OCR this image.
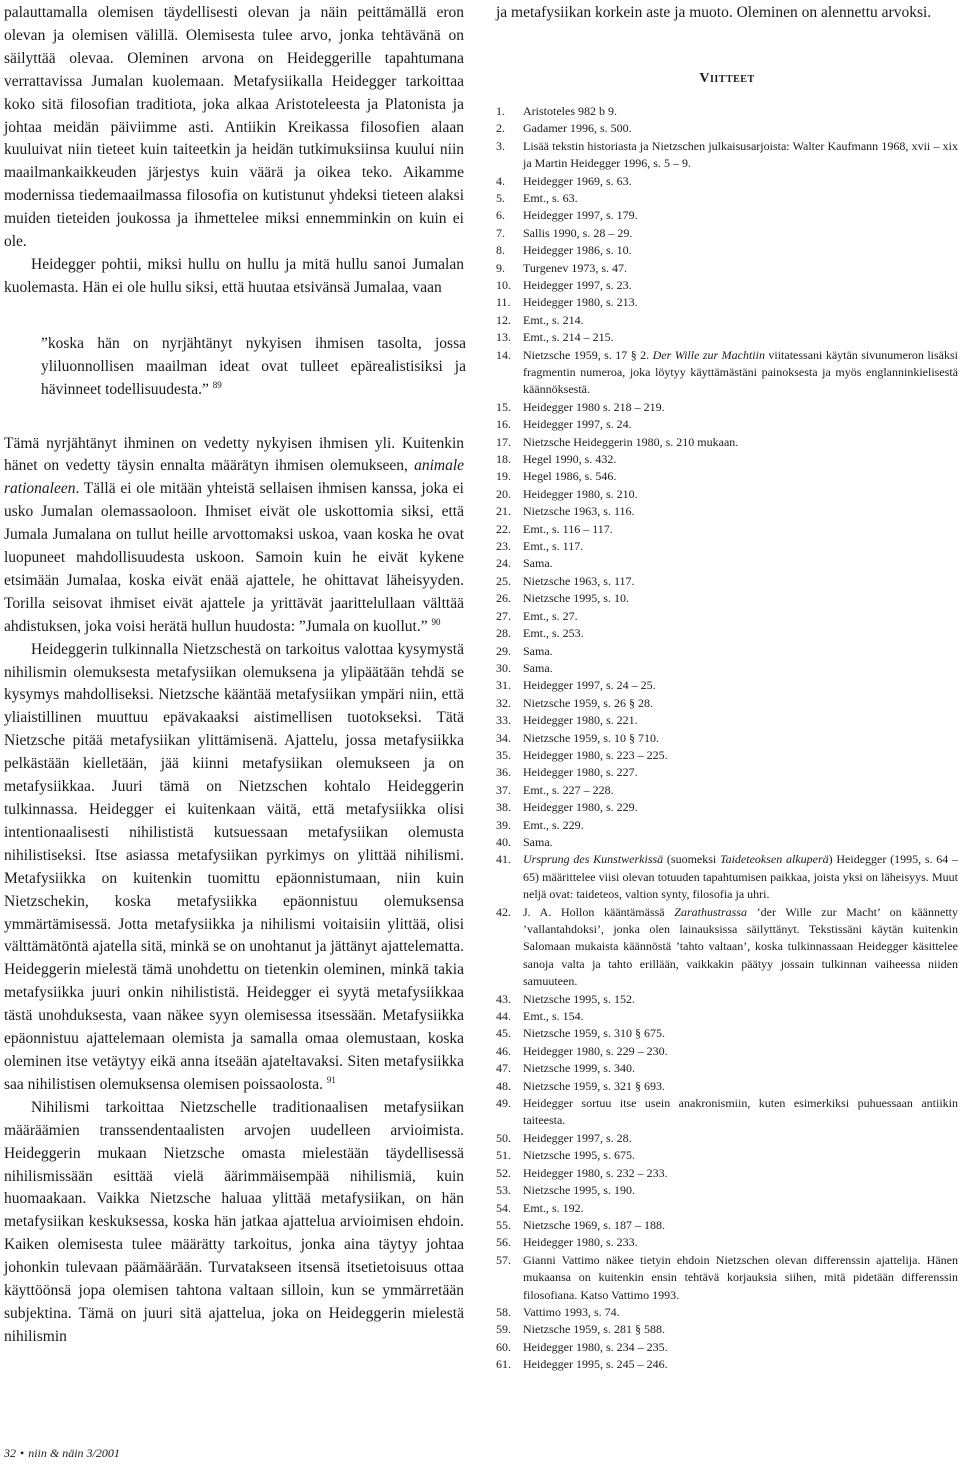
palauttamalla olemisen täydellisesti olevan ja näin peittämällä eron olevan ja olemisen välillä. Olemisesta tulee arvo, jonka tehtävänä on säilyttää olevaa. Oleminen arvona on Heideggerille tapahtumana verrattavissa Jumalan kuolemaan. Metafysiikalla Heidegger tarkoittaa koko sitä filosofian traditiota, joka alkaa Aristoteleesta ja Platonista ja johtaa meidän päiviimme asti. Antiikin Kreikassa filosofien alaan kuuluivat niin tieteet kuin taiteetkin ja heidän tutkimuksiinsa kuului niin maailmankaikkeuden järjestys kuin väärä ja oikea teko. Aikamme modernissa tiedemaailmassa filosofia on kutistunut yhdeksi tieteen alaksi muiden tieteiden joukossa ja ihmettelee miksi ennemminkin on kuin ei ole.

Heidegger pohtii, miksi hullu on hullu ja mitä hullu sanoi Jumalan kuolemasta. Hän ei ole hullu siksi, että huutaa etsivänsä Jumalaa, vaan

”koska hän on nyrjähtänyt nykyisen ihmisen tasolta, jossa yliluonnollisen maailman ideat ovat tulleet epärealistisiksi ja hävinneet todellisuudesta.” $^{89}$

Tämä nyrjähtänyt ihminen on vedetty nykyisen ihmisen yli. Kuitenkin hänet on vedetty täysin ennalta määrätyn ihmisen olemukseen, animale rationaleen. Tällä ei ole mitään yhteistä sellaisen ihmisen kanssa, joka ei usko Jumalan olemassaoloon. Ihmiset eivät ole uskottomia siksi, että Jumala Jumalana on tullut heille arvottomaksi uskoa, vaan koska he ovat luopuneet mahdollisuudesta uskoon. Samoin kuin he eivät kykene etsimään Jumalaa, koska eivät enää ajattele, he ohittavat läheisyyden. Torilla seisovat ihmiset eivät ajattele ja yrittävät jaarittelullaan välttää ahdistuksen, joka voisi herätä hullun huudosta: ”Jumala on kuollut.” $^{90}$

Heideggerin tulkinnalla Nietzschestä on tarkoitus valottaa kysymystä nihilismin olemuksesta metafysiikan olemuksena ja ylipäätään tehdä se kysymys mahdolliseksi. Nietzsche kääntää metafysiikan ympäri niin, että yliaistillinen muuttuu epävakaaksi aistimellisen tuotokseksi. Tätä Nietzsche pitää metafysiikan ylittämisenä. Ajattelu, jossa metafysiikka pelkästään kielletään, jää kiinni metafysiikan olemukseen ja on metafysiikkaa. Juuri tämä on Nietzschen kohtalo Heideggerin tulkinnassa. Heidegger ei kuitenkaan väitä, että metafysiikka olisi intentionaalisesti nihilististä kutsuessaan metafysiikan olemusta nihilistiseksi. Itse asiassa metafysiikan pyrkimys on ylittää nihilismi. Metafysiikka on kuitenkin tuomittu epäonnistumaan, niin kuin Nietzschekin, koska metafysiikka epäonnistuu olemuksensa ymmärtämisessä. Jotta metafysiikka ja nihilismi voitaisiin ylittää, olisi välttämätöntä ajatella sitä, minkä se on unohtanut ja jättänyt ajattelematta. Heideggerin mielestä tämä unohdettu on tietenkin oleminen, minkä takia metafysiikka juuri onkin nihilististä. Heidegger ei syytä metafysiikkaa tästä unohduksesta, vaan näkee syyn olemisessa itsessään. Metafysiikka epäonnistuu ajattelemaan olemista ja samalla omaa olemustaan, koska oleminen itse vetäytyy eikä anna itseään ajateltavaksi. Siten metafysiikka saa nihilistisen olemuksensa olemisen poissaolosta. $^{91}$

Nihilismi tarkoittaa Nietzschelle traditionaalisen metafysiikan määräämien transsendentaalisten arvojen uudelleen arvioimista. Heideggerin mukaan Nietzsche omasta mielestään täydellisessä nihilismissään esittää vielä äärimmäisempää nihilismiä, kuin huomaakaan. Vaikka Nietzsche haluaa ylittää metafysiikan, on hän metafysiikan keskuksessa, koska hän jatkaa ajattelua arvioimisen ehdoin. Kaiken olemisesta tulee määrätty tarkoitus, jonka aina täytyy johtaa johonkin tulevaan päämäärään. Turvatakseen itsensä itsetietoisuus ottaa käyttöönsä jopa olemisen tahtona valtaan silloin, kun se ymmärretään subjektina. Tämä on juuri sitä ajattelua, joka on Heideggerin mielestä nihilismin

ja metafysiikan korkein aste ja muoto. Oleminen on alennettu arvoksi.

Viitteet
1.	Aristoteles 982 b 9.
2.	Gadamer 1996, s. 500.
3.	Lisää tekstin historiasta ja Nietzschen julkaisusarjoista: Walter Kaufmann 1968, xvii – xix ja Martin Heidegger 1996, s. 5 – 9.
4.	Heidegger 1969, s. 63.
5.	Emt., s. 63.
6.	Heidegger 1997, s. 179.
7.	Sallis 1990, s. 28 – 29.
8.	Heidegger 1986, s. 10.
9.	Turgenev 1973, s. 47.
10.	Heidegger 1997, s. 23.
11.	Heidegger 1980, s. 213.
12.	Emt., s. 214.
13.	Emt., s. 214 – 215.
14.	Nietzsche 1959, s. 17 § 2. Der Wille zur Machtiin viitatessani käytän sivunumeron lisäksi fragmentin numeroa, joka löytyy käyttämästäni painoksesta ja myös englanninkielisestä käännöksestä.
15.	Heidegger 1980 s. 218 – 219.
16.	Heidegger 1997, s. 24.
17.	Nietzsche Heideggerin 1980, s. 210 mukaan.
18.	Hegel 1990, s. 432.
19.	Hegel 1986, s. 546.
20.	Heidegger 1980, s. 210.
21.	Nietzsche 1963, s. 116.
22.	Emt., s. 116 – 117.
23.	Emt., s. 117.
24.	Sama.
25.	Nietzsche 1963, s. 117.
26.	Nietzsche 1995, s. 10.
27.	Emt., s. 27.
28.	Emt., s. 253.
29.	Sama.
30.	Sama.
31.	Heidegger 1997, s. 24 – 25.
32.	Nietzsche 1959, s. 26 § 28.
33.	Heidegger 1980, s. 221.
34.	Nietzsche 1959, s. 10 § 710.
35.	Heidegger 1980, s. 223 – 225.
36.	Heidegger 1980, s. 227.
37.	Emt., s. 227 – 228.
38.	Heidegger 1980, s. 229.
39.	Emt., s. 229.
40.	Sama.
41.	Ursprung des Kunstwerkissä (suomeksi Taideteoksen alkuperä) Heidegger (1995, s. 64 – 65) määrittelee viisi olevan totuuden tapahtumisen paikkaa, joista yksi on läheisyys. Muut neljä ovat: taideteos, valtion synty, filosofia ja uhri.
42.	J. A. Hollon kääntämässä Zarathustrassa ’der Wille zur Macht’ on käännetty ’vallantahdoksi’, jonka olen lainauksissa säilyttänyt. Tekstissäni käytän kuitenkin Salomaan mukaista käännöstä ’tahto valtaan’, koska tulkinnassaan Heidegger käsittelee sanoja valta ja tahto erillään, vaikkakin päätyy jossain tulkinnan vaiheessa niiden samuuteen.
43.	Nietzsche 1995, s. 152.
44.	Emt., s. 154.
45.	Nietzsche 1959, s. 310 § 675.
46.	Heidegger 1980, s. 229 – 230.
47.	Nietzsche 1999, s. 340.
48.	Nietzsche 1959, s. 321 § 693.
49.	Heidegger sortuu itse usein anakronismiin, kuten esimerkiksi puhuessaan antiikin taiteesta.
50.	Heidegger 1997, s. 28.
51.	Nietzsche 1995, s. 675.
52.	Heidegger 1980, s. 232 – 233.
53.	Nietzsche 1995, s. 190.
54.	Emt., s. 192.
55.	Nietzsche 1969, s. 187 – 188.
56.	Heidegger 1980, s. 233.
57.	Gianni Vattimo näkee tietyin ehdoin Nietzschen olevan differenssin ajattelija. Hänen mukaansa on kuitenkin ensin tehtävä korjauksia siihen, mitä pidetään differenssin filosofiana. Katso Vattimo 1993.
58.	Vattimo 1993, s. 74.
59.	Nietzsche 1959, s. 281 § 588.
60.	Heidegger 1980, s. 234 – 235.
61.	Heidegger 1995, s. 245 – 246.
32 • niin & näin 3/2001
